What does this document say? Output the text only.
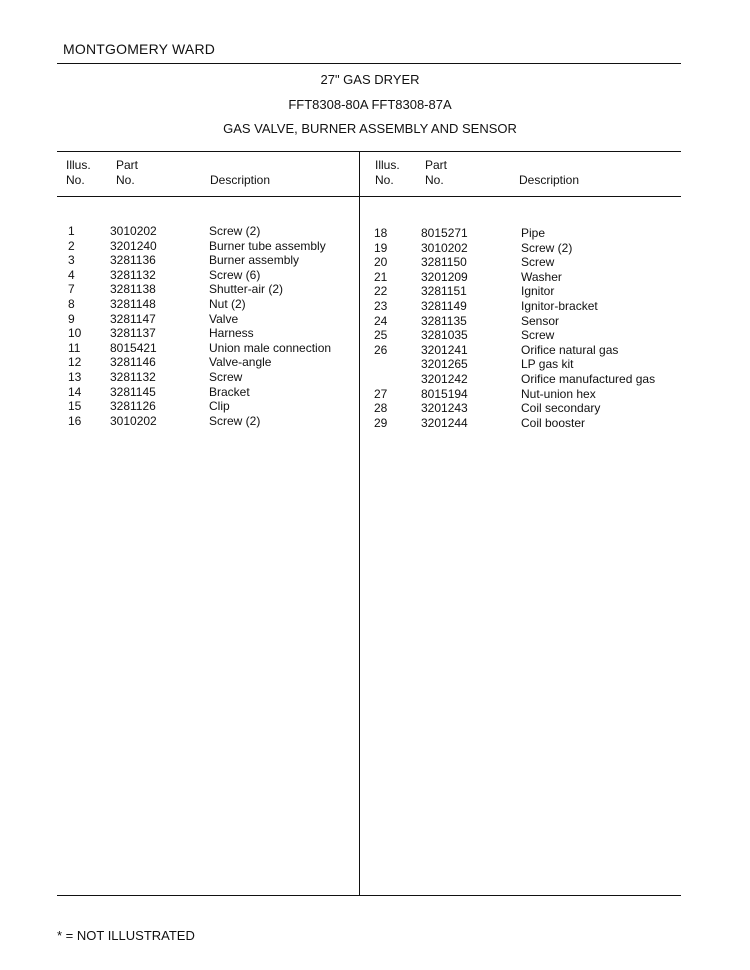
MONTGOMERY WARD
27" GAS DRYER
FFT8308-80A FFT8308-87A
GAS VALVE, BURNER ASSEMBLY AND SENSOR
Illus.
No.
Part
No.	Description
Illus.
No.
Part
No.	Description
1	3010202	Screw (2)
2	3201240	Burner tube assembly
3	3281136	Burner assembly
4	3281132	Screw (6)
7	3281138	Shutter-air (2)
8	3281148	Nut (2)
9	3281147	Valve
10 3281137	Harness
11 8015421	Union male connection
12 3281146	Valve-angle
13 3281132	Screw
14 3281145	Bracket
15 3281126	Clip
16 3010202	Screw (2)
18	8015271	Pipe
19	3010202	Screw (2)
20	3281150	Screw
21	3201209	Washer
22	3281151	Ignitor
23	3281149	Ignitor-bracket
24	3281135	Sensor
25	3281035	Screw
26	3201241	Orifice natural gas
3201265	LP gas kit
3201242	Orifice manufactured gas
27	8015194	Nut-union hex
28	3201243	Coil secondary
29	3201244	Coil booster
* = NOT ILLUSTRATED
